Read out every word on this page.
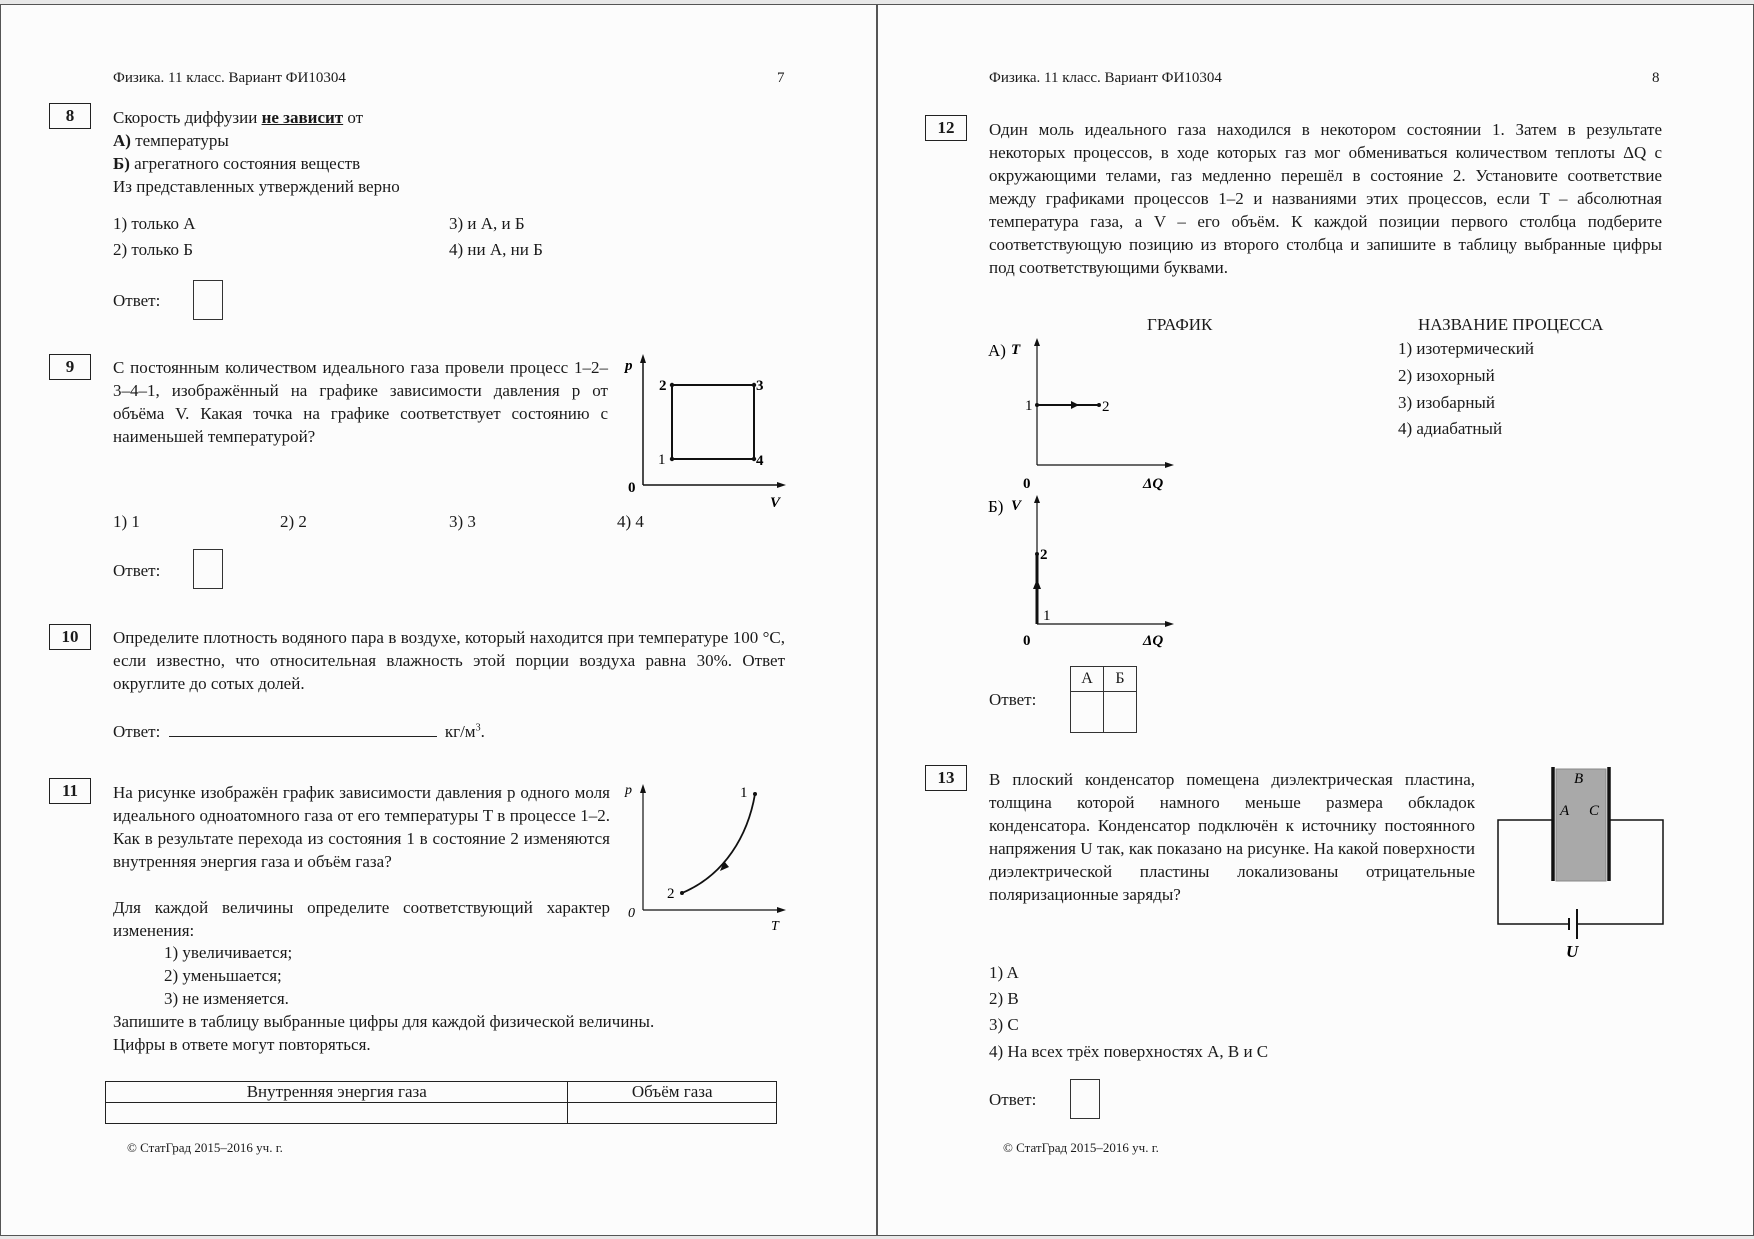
Физика. 11 класс. Вариант ФИ10304	7
8	Скорость диффузии не зависит от
А) температуры
Б) агрегатного состояния веществ
Из представленных утверждений верно
1) только А
2) только Б
3) и А, и Б
4) ни А, ни Б
Ответ:
9	С постоянным количеством идеального газа провели процесс 1–2–3–4–1, изображённый на графике зависимости давления p от объёма V. Какая точка на графике соответствует состоянию с наименьшей температурой?
p
V
0
1
2	3
4
1) 1	2) 2	3) 3	4) 4
Ответ:
10	Определите плотность водяного пара в воздухе, который находится при температуре 100 °С, если известно, что относительная влажность этой порции воздуха равна 30%. Ответ округлите до сотых долей.
Ответ:	$кг/м^3$.
11	На рисунке изображён график зависимости давления p одного моля идеального одноатомного газа от его температуры T в процессе 1–2. Как в результате перехода из состояния 1 в состояние 2 изменяются внутренняя энергия газа и объём газа?
Для каждой величины определите соответствующий характер изменения:
1) увеличивается;
2) уменьшается;
3) не изменяется.
Запишите в таблицу выбранные цифры для каждой физической величины.
Цифры в ответе могут повторяться.
p
T
0
1
2
Внутренняя энергия газа	Объём газа

© СтатГрад 2015–2016 уч. г.
Физика. 11 класс. Вариант ФИ10304	8
12	Один моль идеального газа находился в некотором состоянии 1. Затем в результате некоторых процессов, в ходе которых газ мог обмениваться количеством теплоты ΔQ с окружающими телами, газ медленно перешёл в состояние 2. Установите соответствие между графиками процессов 1–2 и названиями этих процессов, если T – абсолютная температура газа, а V – его объём. К каждой позиции первого столбца подберите соответствующую позицию из второго столбца и запишите в таблицу выбранные цифры под соответствующими буквами.
ГРАФИК	НАЗВАНИЕ ПРОЦЕССА
1) изотермический
2) изохорный
3) изобарный
4) адиабатный
А) T
1	2
0	ΔQ
Б) V
2
1
0	ΔQ
Ответ:
А	Б

13	В плоский конденсатор помещена диэлектрическая пластина, толщина которой намного меньше размера обкладок конденсатора. Конденсатор подключён к источнику постоянного напряжения U так, как показано на рисунке. На какой поверхности диэлектрической пластины локализованы отрицательные поляризационные заряды?
B
A C
U
1) A
2) B
3) C
4) На всех трёх поверхностях A, B и C
Ответ:
© СтатГрад 2015–2016 уч. г.
